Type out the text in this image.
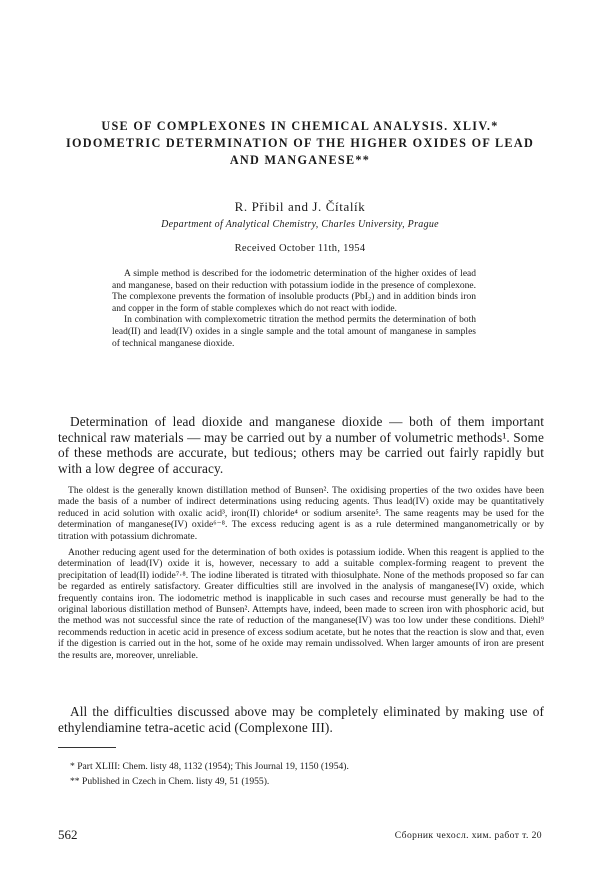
USE OF COMPLEXONES IN CHEMICAL ANALYSIS. XLIV.* IODOMETRIC DETERMINATION OF THE HIGHER OXIDES OF LEAD AND MANGANESE**
R. Přibil and J. Čítalík
Department of Analytical Chemistry, Charles University, Prague
Received October 11th, 1954

A simple method is described for the iodometric determination of the higher oxides of lead and manganese, based on their reduction with potassium iodide in the presence of complexone. The complexone prevents the formation of insoluble products (PbI₂) and in addition binds iron and copper in the form of stable complexes which do not react with iodide.

In combination with complexometric titration the method permits the determination of both lead(II) and lead(IV) oxides in a single sample and the total amount of manganese in samples of technical manganese dioxide.

Determination of lead dioxide and manganese dioxide — both of them important technical raw materials — may be carried out by a number of volumetric methods¹. Some of these methods are accurate, but tedious; others may be carried out fairly rapidly but with a low degree of accuracy.

The oldest is the generally known distillation method of Bunsen². The oxidising properties of the two oxides have been made the basis of a number of indirect determinations using reducing agents. Thus lead(IV) oxide may be quantitatively reduced in acid solution with oxalic acid³, iron(II) chloride⁴ or sodium arsenite⁵. The same reagents may be used for the determination of manganese(IV) oxide⁶⁻⁸. The excess reducing agent is as a rule determined manganometrically or by titration with potassium dichromate.

Another reducing agent used for the determination of both oxides is potassium iodide. When this reagent is applied to the determination of lead(IV) oxide it is, however, necessary to add a suitable complex-forming reagent to prevent the precipitation of lead(II) iodide⁷·⁸. The iodine liberated is titrated with thiosulphate. None of the methods proposed so far can be regarded as entirely satisfactory. Greater difficulties still are involved in the analysis of manganese(IV) oxide, which frequently contains iron. The iodometric method is inapplicable in such cases and recourse must generally be had to the original laborious distillation method of Bunsen². Attempts have, indeed, been made to screen iron with phosphoric acid, but the method was not successful since the rate of reduction of the manganese(IV) was too low under these conditions. Diehl⁹ recommends reduction in acetic acid in presence of excess sodium acetate, but he notes that the reaction is slow and that, even if the digestion is carried out in the hot, some of he oxide may remain undissolved. When larger amounts of iron are present the results are, moreover, unreliable.

All the difficulties discussed above may be completely eliminated by making use of ethylendiamine tetra-acetic acid (Complexone III).

* Part XLIII: Chem. listy 48, 1132 (1954); This Journal 19, 1150 (1954).
** Published in Czech in Chem. listy 49, 51 (1955).
562	Сборник чехосл. хим. работ т. 20
